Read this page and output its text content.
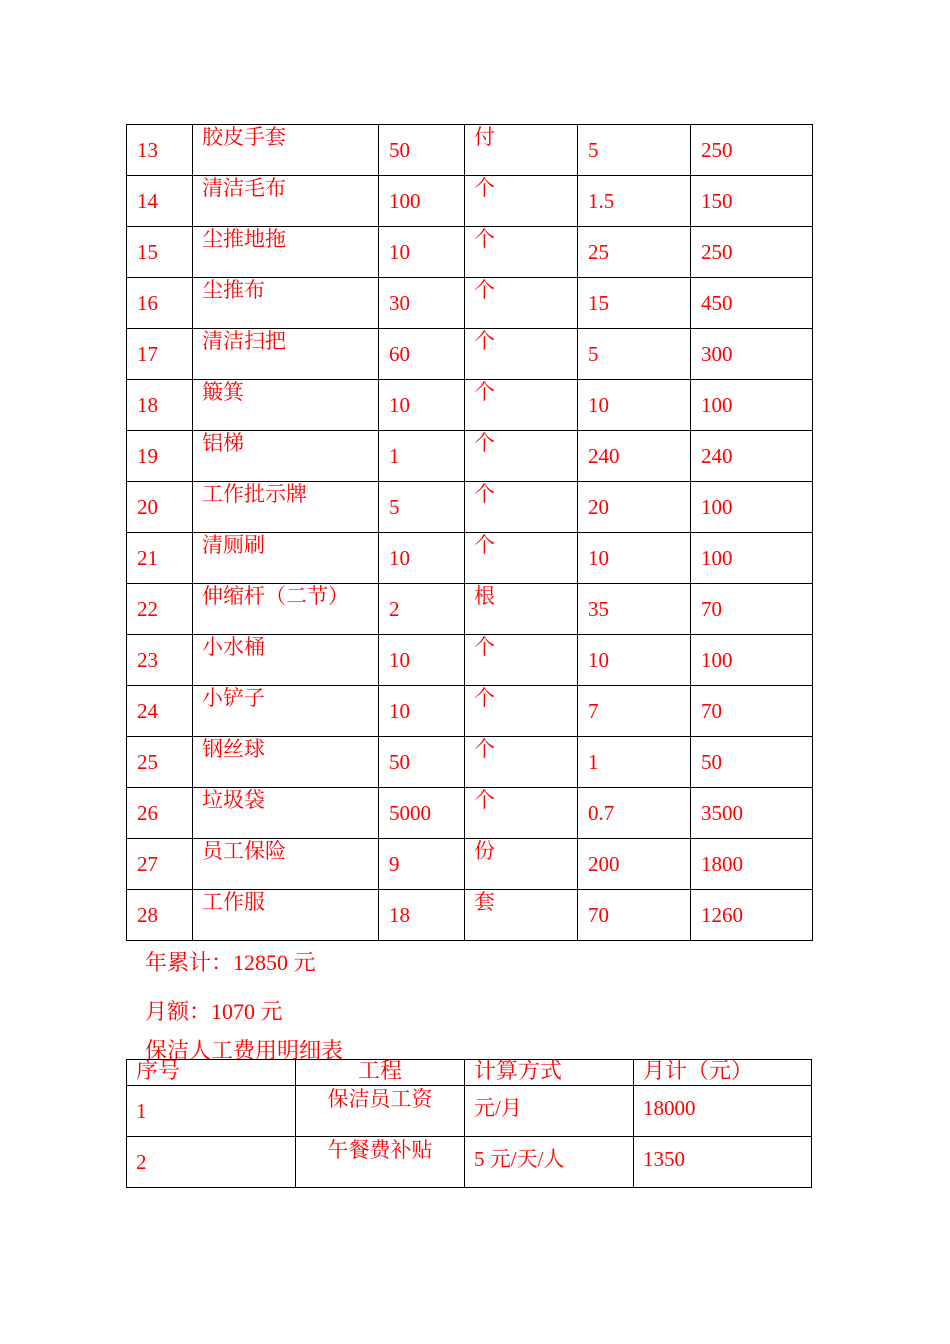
13	胶皮手套	50	付	5	250

14	清洁毛布	100	个	1.5	150

15	尘推地拖	10	个	25	250

16	尘推布	30	个	15	450

17	清洁扫把	60	个	5	300

18	簸箕	10	个	10	100

19	铝梯	1	个	240	240

20	工作批示牌	5	个	20	100

21	清厕刷	10	个	10	100

22	伸缩杆（二节）	2	根	35	70

23	小水桶	10	个	10	100

24	小铲子	10	个	7	70

25	钢丝球	50	个	1	50

26	垃圾袋	5000	个	0.7	3500

27	员工保险	9	份	200	1800

28	工作服	18	套	70	1260
年累计：12850 元
月额：1070 元
保洁人工费用明细表
序号	工程	计算方式	月计（元）

1	保洁员工资	元/月	18000

2	午餐费补贴	5 元/天/人	1350
